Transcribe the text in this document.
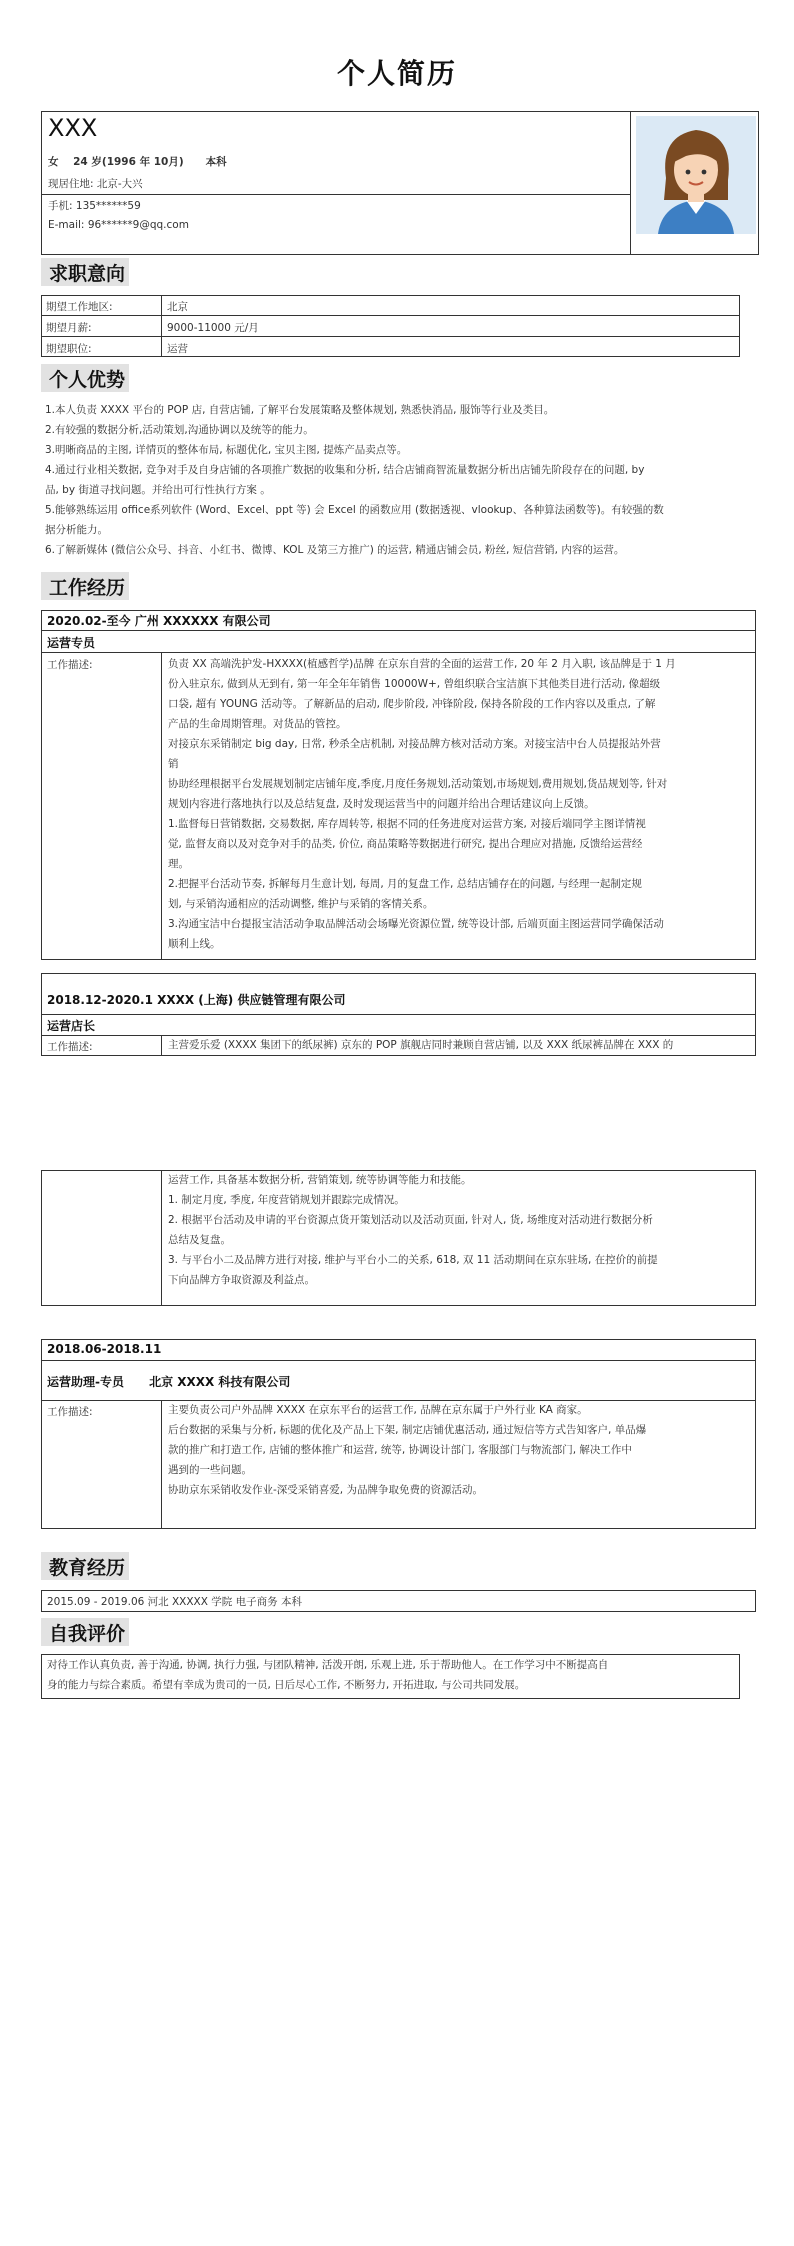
个人简历
XXX
女 24 岁(1996 年 10月) 本科
现居住地: 北京-大兴
手机: 135******59
E-mail: 96******9@qq.com
求职意向
期望工作地区:	北京
期望月薪:	9000-11000 元/月
期望职位:	运营
个人优势
1.本人负责 XXXX 平台的 POP 店, 自营店铺, 了解平台发展策略及整体规划, 熟悉快消品, 服饰等行业及类目。
2.有较强的数据分析,活动策划,沟通协调以及统等的能力。
3.明晰商品的主图, 详情页的整体布局, 标题优化, 宝贝主图, 提炼产品卖点等。
4.通过行业相关数据, 竞争对手及自身店铺的各项推广数据的收集和分析, 结合店铺商智流量数据分析出店铺先阶段存在的问题, by
品, by 街道寻找问题。并给出可行性执行方案 。
5.能够熟练运用 office系列软件 (Word、Excel、ppt 等) 会 Excel 的函数应用 (数据透视、vlookup、各种算法函数等)。有较强的数
据分析能力。
6.了解新媒体 (微信公众号、抖音、小红书、微博、KOL 及第三方推广) 的运营, 精通店铺会员, 粉丝, 短信营销, 内容的运营。
工作经历
2020.02-至今 广州 XXXXXX 有限公司
运营专员
工作描述:	负责 XX 高端洗护发-HXXXX(植感哲学)品牌 在京东自营的全面的运营工作, 20 年 2 月入职, 该品牌是于 1 月
份入驻京东, 做到从无到有, 第一年全年年销售 10000W+, 曾组织联合宝洁旗下其他类目进行活动, 像超级
口袋, 超有 YOUNG 活动等。了解新品的启动, 爬步阶段, 冲锋阶段, 保持各阶段的工作内容以及重点, 了解
产品的生命周期管理。对货品的管控。
对接京东采销制定 big day, 日常, 秒杀全店机制, 对接品牌方核对活动方案。对接宝洁中台人员提报站外营
销
协助经理根据平台发展规划制定店铺年度,季度,月度任务规划,活动策划,市场规划,费用规划,货品规划等, 针对
规划内容进行落地执行以及总结复盘, 及时发现运营当中的问题并给出合理话建议向上反馈。
1.监督每日营销数据, 交易数据, 库存周转等, 根据不同的任务进度对运营方案, 对接后端同学主图详情视
觉, 监督友商以及对竞争对手的品类, 价位, 商品策略等数据进行研究, 提出合理应对措施, 反馈给运营经
理。
2.把握平台活动节奏, 拆解每月生意计划, 每周, 月的复盘工作, 总结店铺存在的问题, 与经理一起制定规
划, 与采销沟通相应的活动调整, 维护与采销的客情关系。
3.沟通宝洁中台提报宝洁活动争取品牌活动会场曝光资源位置, 统等设计部, 后端页面主图运营同学确保活动
顺利上线。
2018.12-2020.1 XXXX (上海) 供应链管理有限公司
运营店长
工作描述:	主营爱乐爱 (XXXX 集团下的纸尿裤) 京东的 POP 旗舰店同时兼顾自营店铺, 以及 XXX 纸尿裤品牌在 XXX 的
运营工作, 具备基本数据分析, 营销策划, 统等协调等能力和技能。
1. 制定月度, 季度, 年度营销规划并跟踪完成情况。
2. 根据平台活动及申请的平台资源点货开策划活动以及活动页面, 针对人, 货, 场维度对活动进行数据分析
总结及复盘。
3. 与平台小二及品牌方进行对接, 维护与平台小二的关系, 618, 双 11 活动期间在京东驻场, 在控价的前提
下向品牌方争取资源及利益点。
2018.06-2018.11
运营助理-专员 北京 XXXX 科技有限公司
工作描述:	主要负责公司户外品牌 XXXX 在京东平台的运营工作, 品牌在京东属于户外行业 KA 商家。
后台数据的采集与分析, 标题的优化及产品上下架, 制定店铺优惠活动, 通过短信等方式告知客户, 单品爆
款的推广和打造工作, 店铺的整体推广和运营, 统等, 协调设计部门, 客服部门与物流部门, 解决工作中
遇到的一些问题。
协助京东采销收发作业-深受采销喜爱, 为品牌争取免费的资源活动。
教育经历
2015.09 - 2019.06 河北 XXXXX 学院 电子商务 本科
自我评价
对待工作认真负责, 善于沟通, 协调, 执行力强, 与团队精神, 活泼开朗, 乐观上进, 乐于帮助他人。在工作学习中不断提高自
身的能力与综合素质。希望有幸成为贵司的一员, 日后尽心工作, 不断努力, 开拓进取, 与公司共同发展。
